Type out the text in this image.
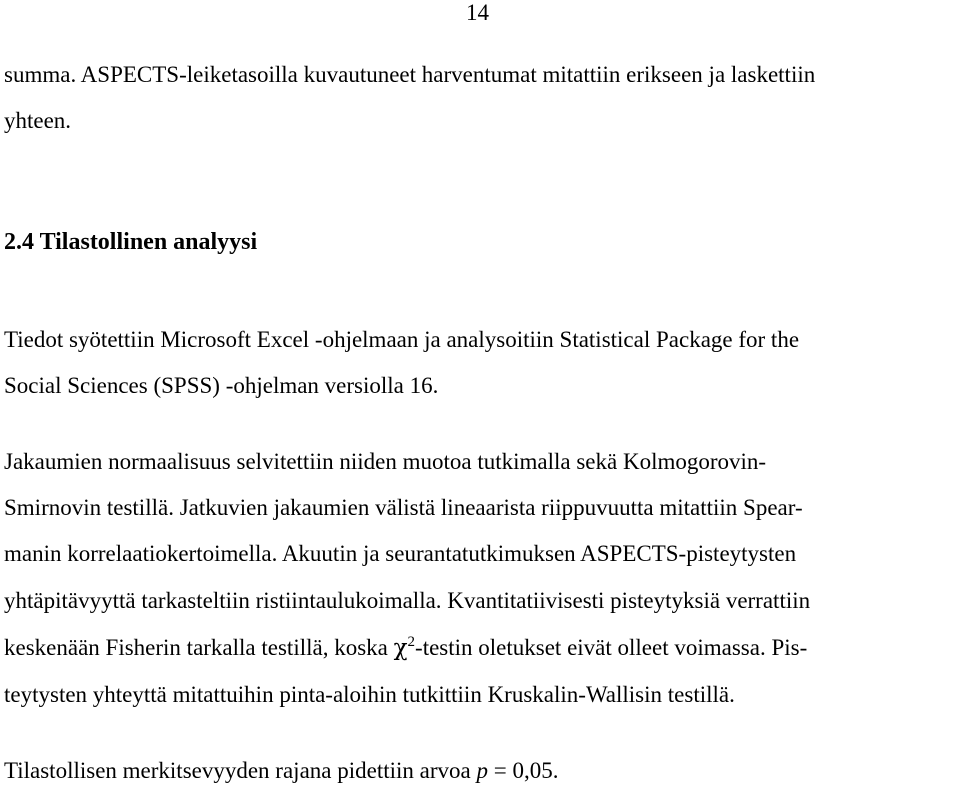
14
summa. ASPECTS-leiketasoilla kuvautuneet harventumat mitattiin erikseen ja laskettiin
yhteen.
2.4 Tilastollinen analyysi
Tiedot syötettiin Microsoft Excel -ohjelmaan ja analysoitiin Statistical Package for the
Social Sciences (SPSS) -ohjelman versiolla 16.
Jakaumien normaalisuus selvitettiin niiden muotoa tutkimalla sekä Kolmogorovin-
Smirnovin testillä. Jatkuvien jakaumien välistä lineaarista riippuvuutta mitattiin Spear-
manin korrelaatiokertoimella. Akuutin ja seurantatutkimuksen ASPECTS-pisteytysten
yhtäpitävyyttä tarkasteltiin ristiintaulukoimalla. Kvantitatiivisesti pisteytyksiä verrattiin
keskenään Fisherin tarkalla testillä, koska $\chi^2$-testin oletukset eivät olleet voimassa. Pis-
teytysten yhteyttä mitattuihin pinta-aloihin tutkittiin Kruskalin-Wallisin testillä.
Tilastollisen merkitsevyyden rajana pidettiin arvoa p = 0,05.
